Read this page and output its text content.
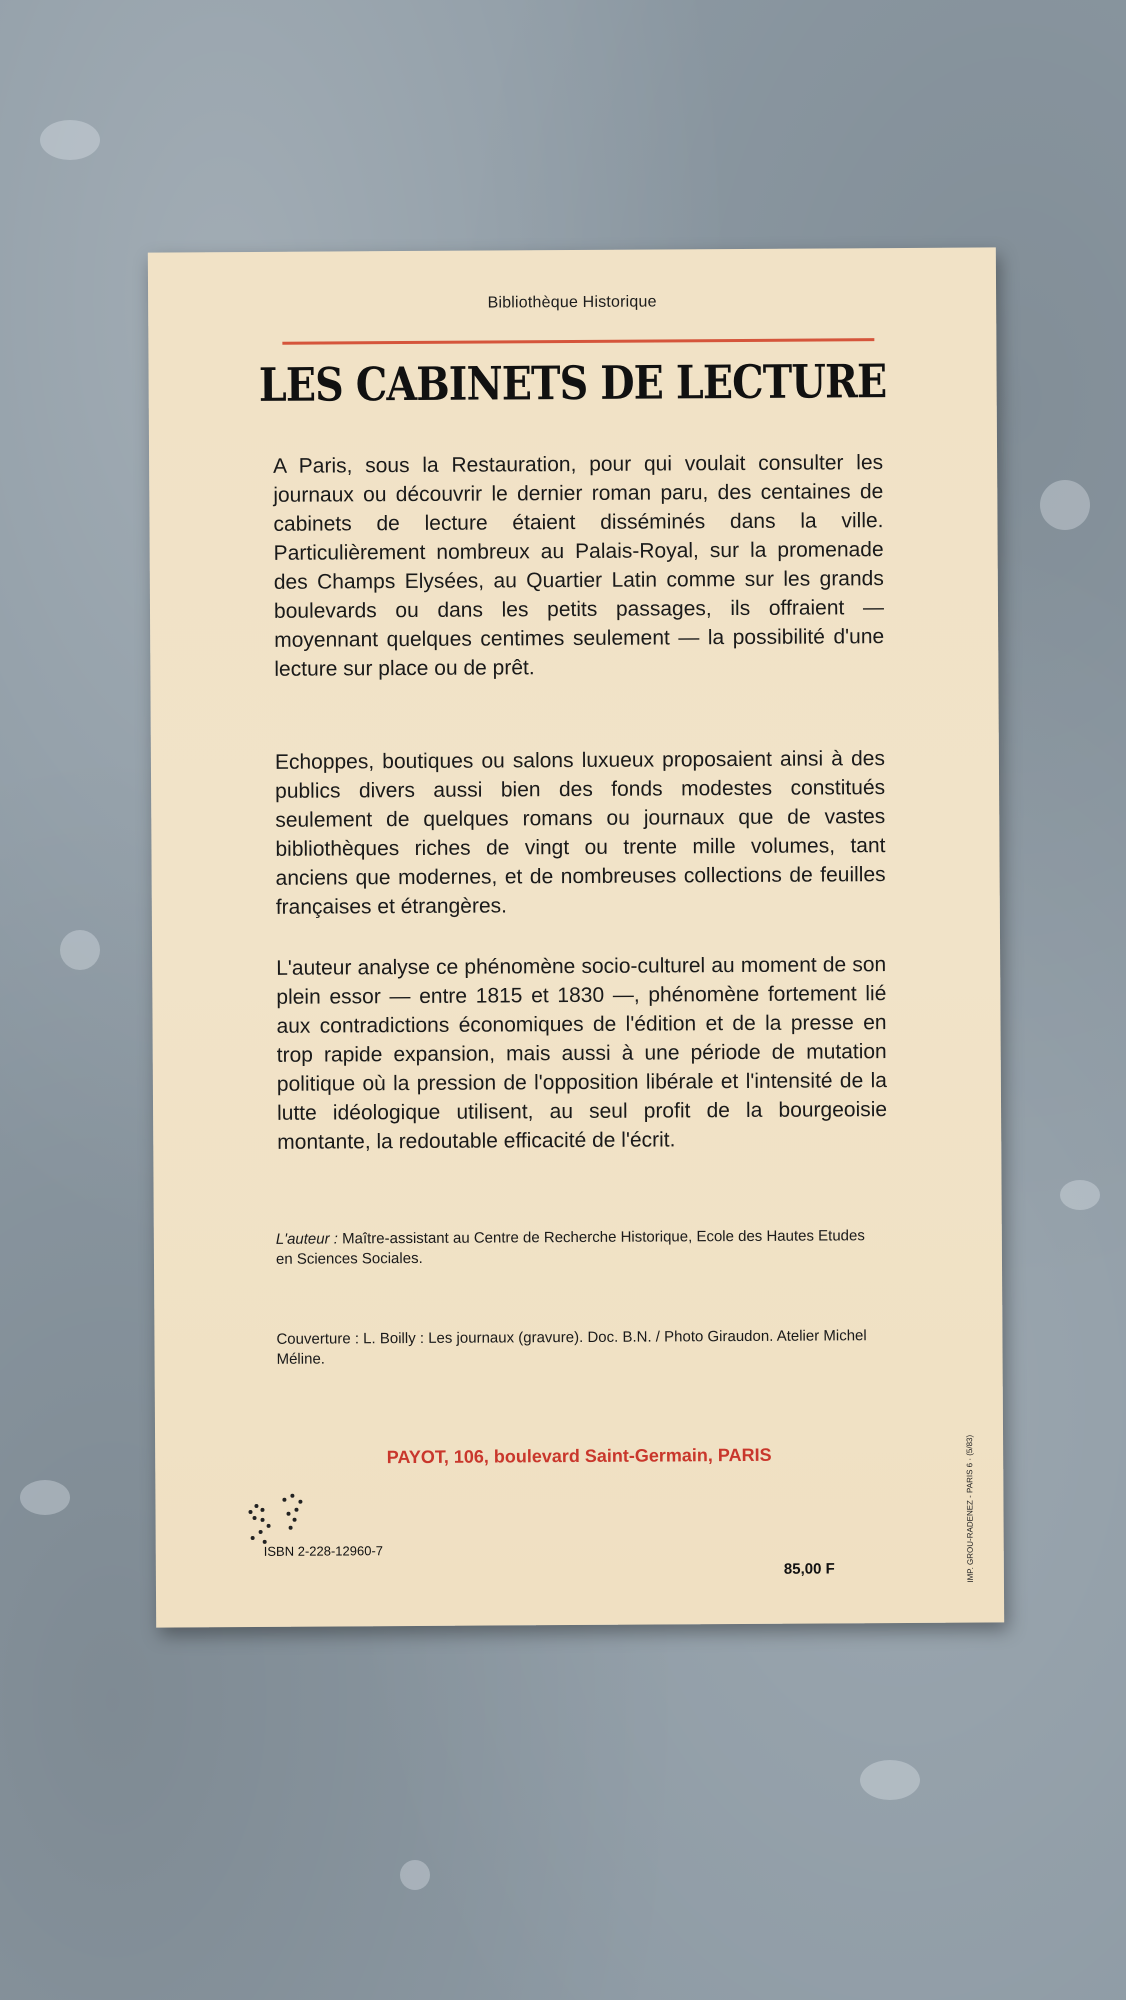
Bibliothèque Historique
LES CABINETS DE LECTURE
A Paris, sous la Restauration, pour qui voulait consulter les journaux ou découvrir le dernier roman paru, des centaines de cabinets de lecture étaient disséminés dans la ville. Particulièrement nombreux au Palais-Royal, sur la promenade des Champs Elysées, au Quartier Latin comme sur les grands boulevards ou dans les petits passages, ils offraient — moyennant quelques centimes seulement — la possibilité d'une lecture sur place ou de prêt.
Echoppes, boutiques ou salons luxueux proposaient ainsi à des publics divers aussi bien des fonds modestes constitués seulement de quelques romans ou journaux que de vastes bibliothèques riches de vingt ou trente mille volumes, tant anciens que modernes, et de nombreuses collections de feuilles françaises et étrangères.
L'auteur analyse ce phénomène socio-culturel au moment de son plein essor — entre 1815 et 1830 —, phénomène fortement lié aux contradictions économiques de l'édition et de la presse en trop rapide expansion, mais aussi à une période de mutation politique où la pression de l'opposition libérale et l'intensité de la lutte idéologique utilisent, au seul profit de la bourgeoisie montante, la redoutable efficacité de l'écrit.
L'auteur : Maître-assistant au Centre de Recherche Historique, Ecole des Hautes Etudes en Sciences Sociales.
Couverture : L. Boilly : Les journaux (gravure). Doc. B.N. / Photo Giraudon. Atelier Michel Méline.
PAYOT, 106, boulevard Saint-Germain, PARIS
ISBN 2-228-12960-7
85,00 F	IMP. GROU-RADENEZ - PARIS 6 · (5/83)
